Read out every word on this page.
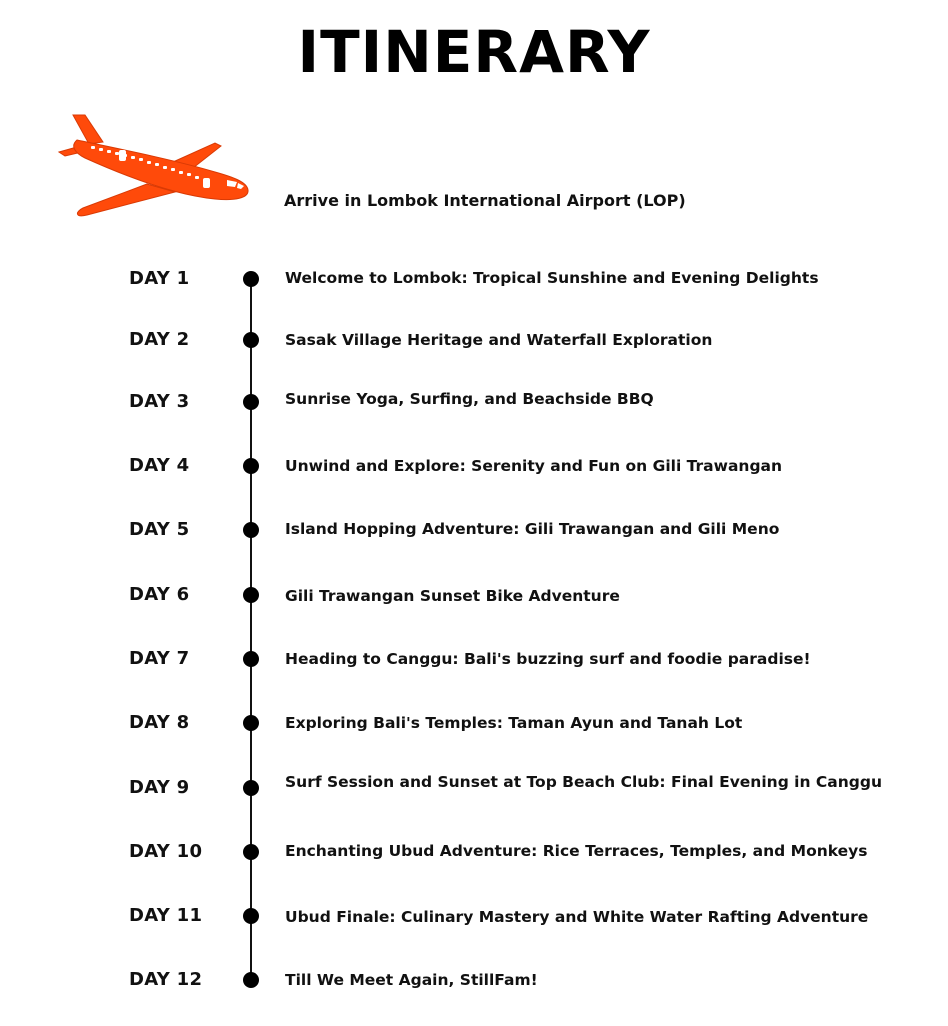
ITINERARY
Arrive in Lombok International Airport (LOP)
DAY 1	Welcome to Lombok: Tropical Sunshine and Evening Delights
DAY 2	Sasak Village Heritage and Waterfall Exploration
DAY 3	Sunrise Yoga, Surfing, and Beachside BBQ
DAY 4	Unwind and Explore: Serenity and Fun on Gili Trawangan
DAY 5	Island Hopping Adventure: Gili Trawangan and Gili Meno
DAY 6	Gili Trawangan Sunset Bike Adventure
DAY 7	Heading to Canggu: Bali's buzzing surf and foodie paradise!
DAY 8	Exploring Bali's Temples: Taman Ayun and Tanah Lot
DAY 9	Surf Session and Sunset at Top Beach Club: Final Evening in Canggu
DAY 10	Enchanting Ubud Adventure: Rice Terraces, Temples, and Monkeys
DAY 11	Ubud Finale: Culinary Mastery and White Water Rafting Adventure
DAY 12	Till We Meet Again, StillFam!
